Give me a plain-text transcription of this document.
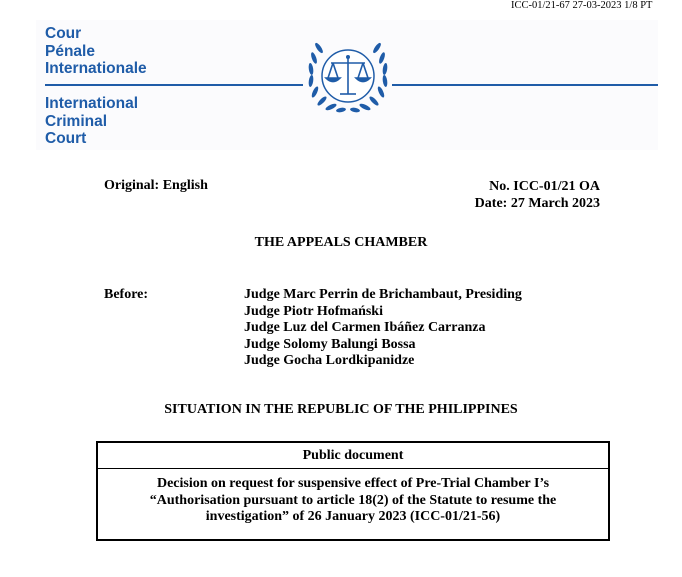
ICC-01/21-67 27-03-2023 1/8 PT
Cour
Pénale
Internationale
International
Criminal
Court
Original: English	No. ICC-01/21 OA
Date: 27 March 2023
THE APPEALS CHAMBER
Before:	Judge Marc Perrin de Brichambaut, Presiding
Judge Piotr Hofmański
Judge Luz del Carmen Ibáñez Carranza
Judge Solomy Balungi Bossa
Judge Gocha Lordkipanidze
SITUATION IN THE REPUBLIC OF THE PHILIPPINES
Public document
Decision on request for suspensive effect of Pre-Trial Chamber I’s
“Authorisation pursuant to article 18(2) of the Statute to resume the
investigation” of 26 January 2023 (ICC-01/21-56)
